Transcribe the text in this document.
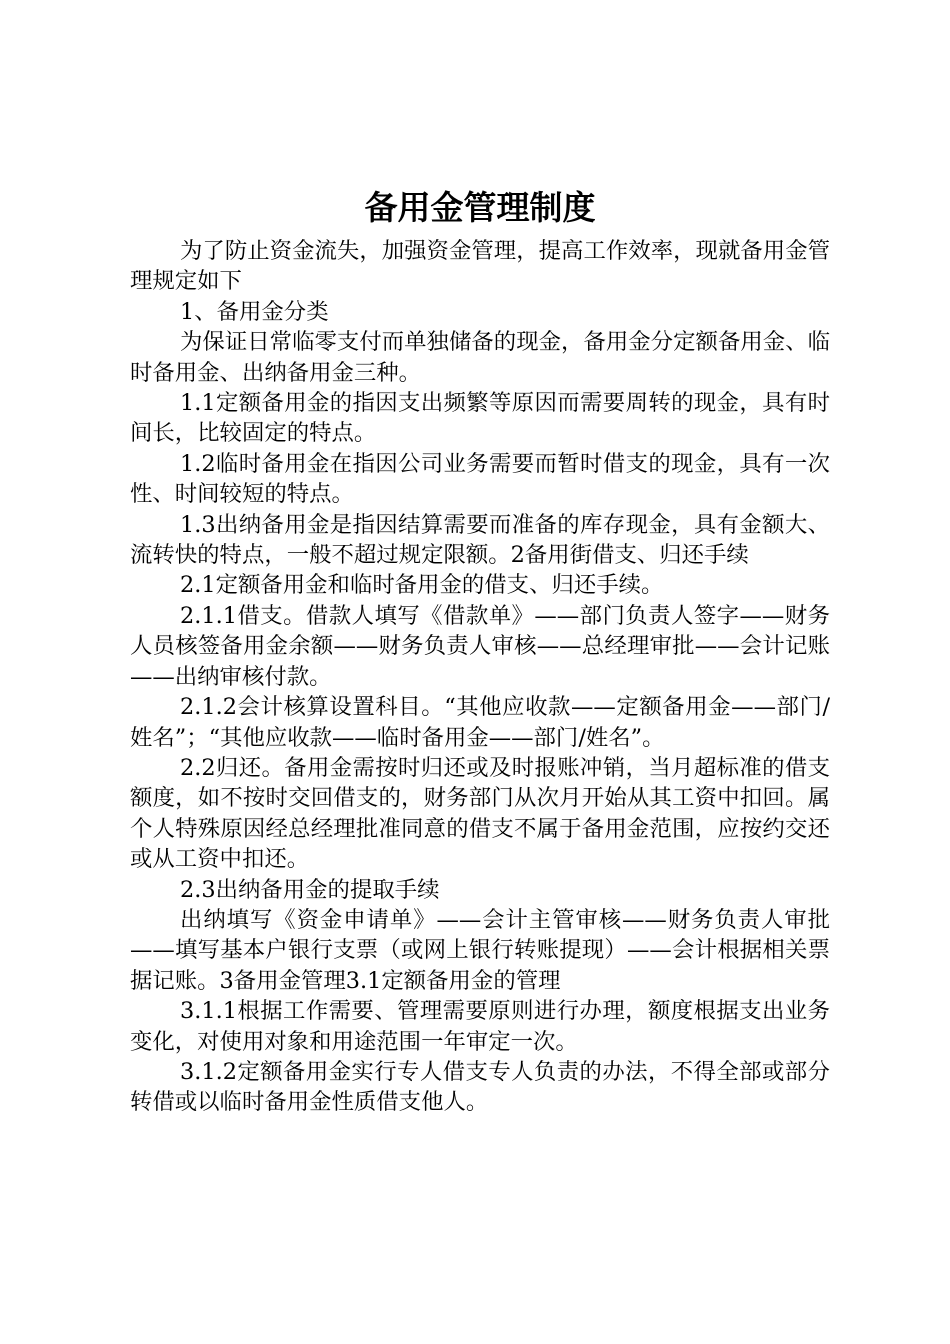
备用金管理制度

为了防止资金流失，加强资金管理，提高工作效率，现就备用金管理规定如下

1、备用金分类

为保证日常临零支付而单独储备的现金，备用金分定额备用金、临时备用金、出纳备用金三种。

1.1定额备用金的指因支出频繁等原因而需要周转的现金，具有时间长，比较固定的特点。

1.2临时备用金在指因公司业务需要而暂时借支的现金，具有一次性、时间较短的特点。

1.3出纳备用金是指因结算需要而准备的库存现金，具有金额大、流转快的特点，一般不超过规定限额。2备用街借支、归还手续

2.1定额备用金和临时备用金的借支、归还手续。

2.1.1借支。借款人填写《借款单》——部门负责人签字——财务人员核签备用金余额——财务负责人审核——总经理审批——会计记账——出纳审核付款。

2.1.2会计核算设置科目。“其他应收款——定额备用金——部门/姓名”；“其他应收款——临时备用金——部门/姓名”。

2.2归还。备用金需按时归还或及时报账冲销，当月超标准的借支额度，如不按时交回借支的，财务部门从次月开始从其工资中扣回。属个人特殊原因经总经理批准同意的借支不属于备用金范围，应按约交还或从工资中扣还。

2.3出纳备用金的提取手续

出纳填写《资金申请单》——会计主管审核——财务负责人审批——填写基本户银行支票（或网上银行转账提现）——会计根据相关票据记账。3备用金管理3.1定额备用金的管理

3.1.1根据工作需要、管理需要原则进行办理，额度根据支出业务变化，对使用对象和用途范围一年审定一次。

3.1.2定额备用金实行专人借支专人负责的办法，不得全部或部分转借或以临时备用金性质借支他人。
